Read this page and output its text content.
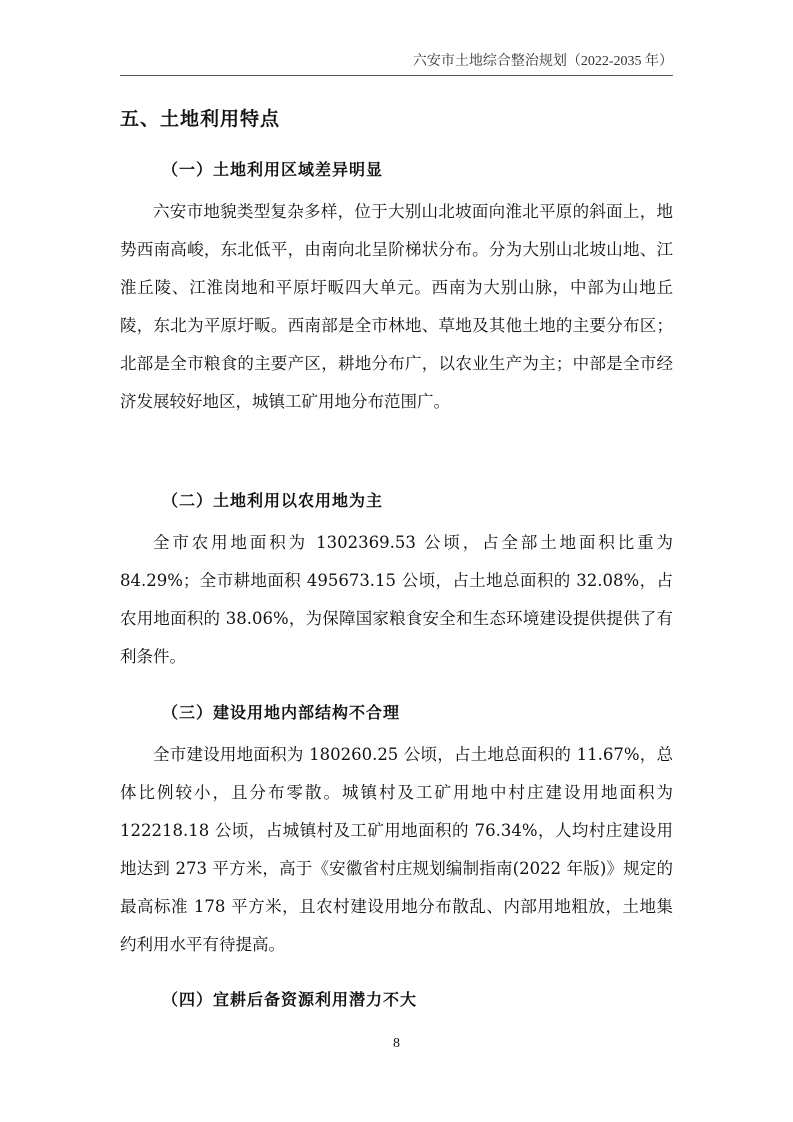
六安市土地综合整治规划（2022-2035 年）
五、土地利用特点
（一）土地利用区域差异明显

六安市地貌类型复杂多样，位于大别山北坡面向淮北平原的斜面上，地势西南高峻，东北低平，由南向北呈阶梯状分布。分为大别山北坡山地、江淮丘陵、江淮岗地和平原圩畈四大单元。西南为大别山脉，中部为山地丘陵，东北为平原圩畈。西南部是全市林地、草地及其他土地的主要分布区；北部是全市粮食的主要产区，耕地分布广，以农业生产为主；中部是全市经济发展较好地区，城镇工矿用地分布范围广。

（二）土地利用以农用地为主

全市农用地面积为 1302369.53 公顷，占全部土地面积比重为 84.29%；全市耕地面积 495673.15 公顷，占土地总面积的 32.08%，占农用地面积的 38.06%，为保障国家粮食安全和生态环境建设提供提供了有利条件。

（三）建设用地内部结构不合理

全市建设用地面积为 180260.25 公顷，占土地总面积的 11.67%，总体比例较小，且分布零散。城镇村及工矿用地中村庄建设用地面积为 122218.18 公顷，占城镇村及工矿用地面积的 76.34%，人均村庄建设用地达到 273 平方米，高于《安徽省村庄规划编制指南(2022 年版)》规定的最高标准 178 平方米，且农村建设用地分布散乱、内部用地粗放，土地集约利用水平有待提高。

（四）宜耕后备资源利用潜力不大
8
